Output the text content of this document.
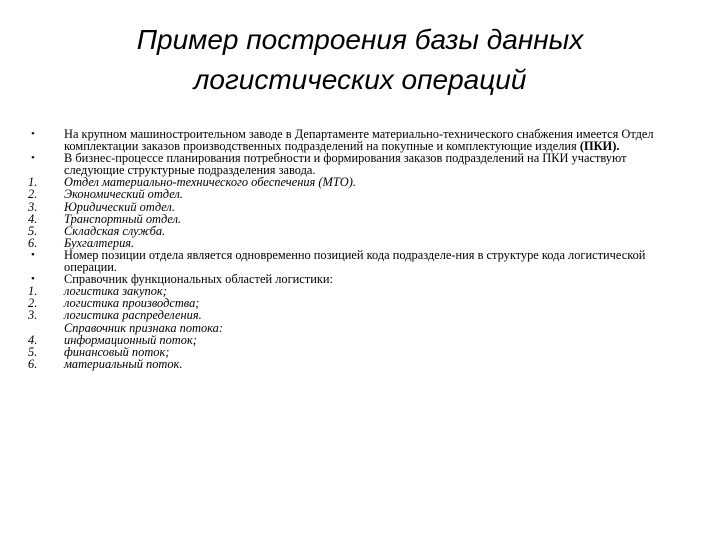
Пример построения базы данных
логистических операций
•	На крупном машиностроительном заводе в Департаменте материально-технического снабжения имеется Отдел комплектации заказов производственных подразделений на покупные и комплектующие изделия (ПКИ).
•	В бизнес-процессе планирования потребности и формирования заказов подразделений на ПКИ участвуют следующие структурные подразделения завода.
1.	Отдел материально-технического обеспечения (МТО).
2.	Экономический отдел.
3.	Юридический отдел.
4.	Транспортный отдел.
5.	Складская служба.
6.	Бухгалтерия.
•	Номер позиции отдела является одновременно позицией кода подразделе-ния в структуре кода логистической операции.
•	Справочник функциональных областей логистики:
1.	логистика закупок;
2.	логистика производства;
3.	логистика распределения.
Справочник признака потока:
4.	информационный поток;
5.	финансовый поток;
6.	материальный поток.
